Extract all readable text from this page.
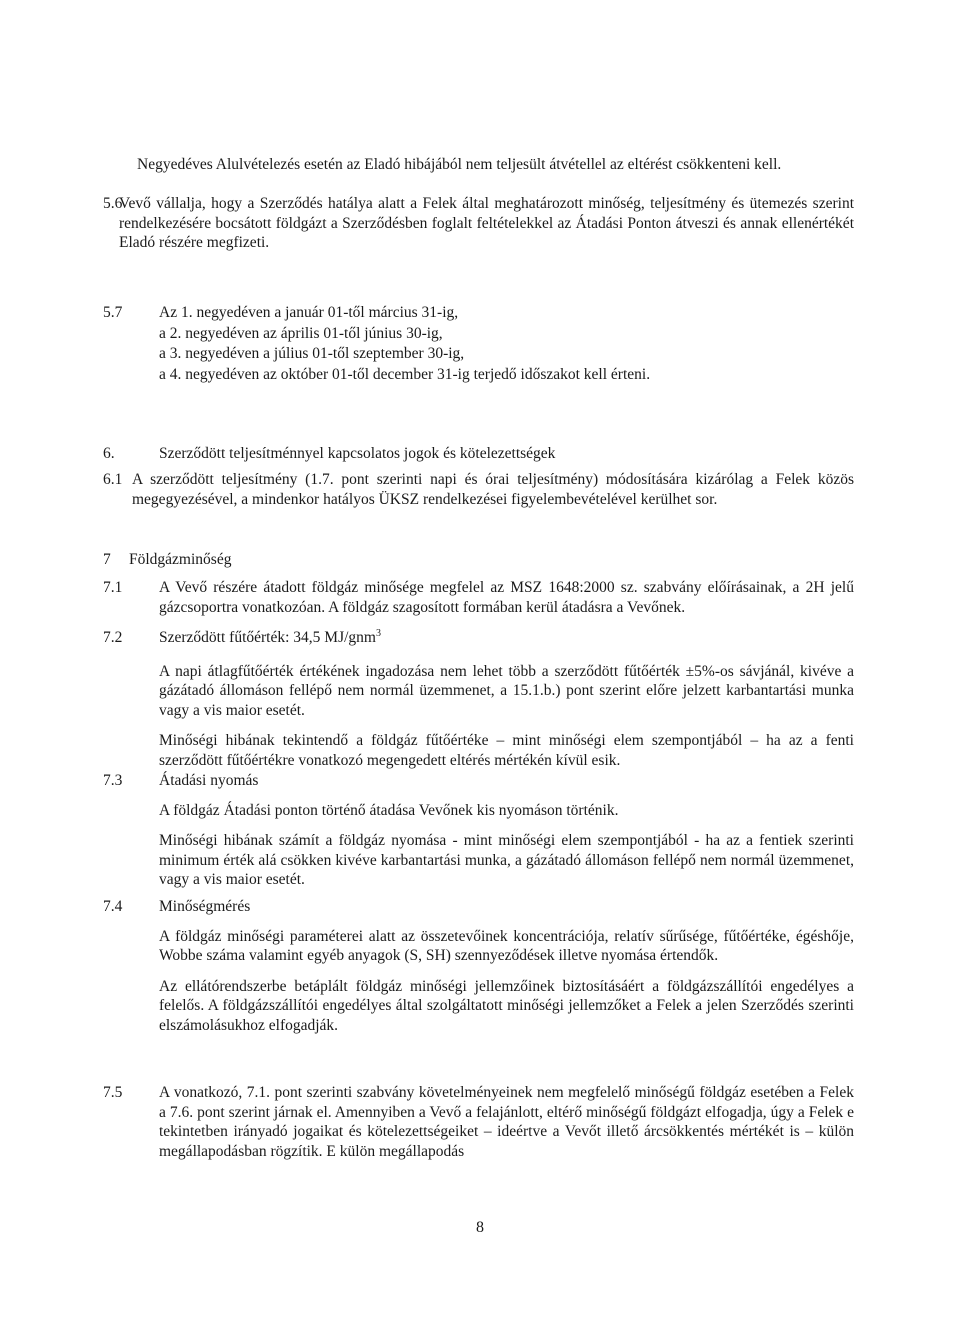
Negyedéves Alulvételezés esetén az Eladó hibájából nem teljesült átvétellel az eltérést csökkenteni kell.

5.6

Vevő vállalja, hogy a Szerződés hatálya alatt a Felek által meghatározott minőség, teljesítmény és ütemezés szerint rendelkezésére bocsátott földgázt a Szerződésben foglalt feltételekkel az Átadási Ponton átveszi és annak ellenértékét Eladó részére megfizeti.

5.7 Az 1. negyedéven a január 01-től március 31-ig,
a 2. negyedéven az április 01-től június 30-ig,
a 3. negyedéven a július 01-től szeptember 30-ig,
a 4. negyedéven az október 01-től december 31-ig terjedő időszakot kell érteni.
6.	Szerződött teljesítménnyel kapcsolatos jogok és kötelezettségek
6.1 A szerződött teljesítmény (1.7. pont szerinti napi és órai teljesítmény) módosítására kizárólag a Felek közös megegyezésével, a mindenkor hatályos ÜKSZ rendelkezései figyelembevételével kerülhet sor.

7 Földgázminőség
7.1 A Vevő részére átadott földgáz minősége megfelel az MSZ 1648:2000 sz. szabvány előírásainak, a 2H jelű gázcsoportra vonatkozóan. A földgáz szagosított formában kerül átadásra a Vevőnek.

7.2 Szerződött fűtőérték: 34,5 MJ/gnm$^3$

A napi átlagfűtőérték értékének ingadozása nem lehet több a szerződött fűtőérték ±5%-os sávjánál, kivéve a gázátadó állomáson fellépő nem normál üzemmenet, a 15.1.b.) pont szerint előre jelzett karbantartási munka vagy a vis maior esetét.

Minőségi hibának tekintendő a földgáz fűtőértéke – mint minőségi elem szempontjából – ha az a fenti szerződött fűtőértékre vonatkozó megengedett eltérés mértékén kívül esik.

7.3 Átadási nyomás

A földgáz Átadási ponton történő átadása Vevőnek kis nyomáson történik.

Minőségi hibának számít a földgáz nyomása - mint minőségi elem szempontjából - ha az a fentiek szerinti minimum érték alá csökken kivéve karbantartási munka, a gázátadó állomáson fellépő nem normál üzemmenet, vagy a vis maior esetét.

7.4 Minőségmérés

A földgáz minőségi paraméterei alatt az összetevőinek koncentrációja, relatív sűrűsége, fűtőértéke, égéshője, Wobbe száma valamint egyéb anyagok (S, SH) szennyeződések illetve nyomása értendők.

Az ellátórendszerbe betáplált földgáz minőségi jellemzőinek biztosításáért a földgázszállítói engedélyes a felelős. A földgázszállítói engedélyes által szolgáltatott minőségi jellemzőket a Felek a jelen Szerződés szerinti elszámolásukhoz elfogadják.

7.5 A vonatkozó, 7.1. pont szerinti szabvány követelményeinek nem megfelelő minőségű földgáz esetében a Felek a 7.6. pont szerint járnak el. Amennyiben a Vevő a felajánlott, eltérő minőségű földgázt elfogadja, úgy a Felek e tekintetben irányadó jogaikat és kötelezettségeiket – ideértve a Vevőt illető árcsökkentés mértékét is – külön megállapodásban rögzítik. E külön megállapodás

8
